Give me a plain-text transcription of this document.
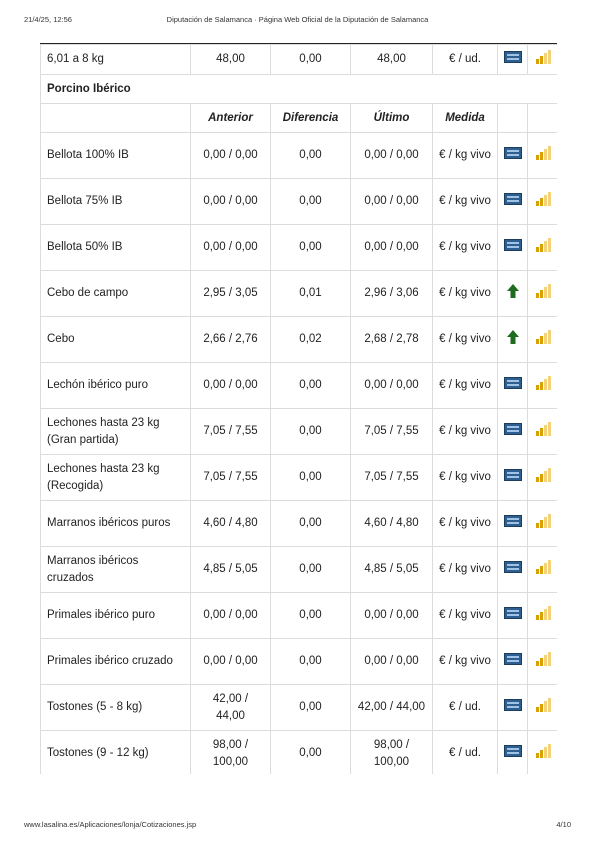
21/4/25, 12:56	Diputación de Salamanca · Página Web Oficial de la Diputación de Salamanca
6,01 a 8 kg	48,00	0,00	48,00	€ / ud.	

Porcino Ibérico						
	Anterior	Diferencia	Último	Medida		
Bellota 100% IB	0,00 / 0,00	0,00	0,00 / 0,00	€ / kg vivo	

Bellota 75% IB	0,00 / 0,00	0,00	0,00 / 0,00	€ / kg vivo	

Bellota 50% IB	0,00 / 0,00	0,00	0,00 / 0,00	€ / kg vivo	

Cebo de campo	2,95 / 3,05	0,01	2,96 / 3,06	€ / kg vivo	

Cebo	2,66 / 2,76	0,02	2,68 / 2,78	€ / kg vivo	

Lechón ibérico puro	0,00 / 0,00	0,00	0,00 / 0,00	€ / kg vivo	

Lechones hasta 23 kg (Gran partida)	7,05 / 7,55	0,00	7,05 / 7,55	€ / kg vivo	

Lechones hasta 23 kg (Recogida)	7,05 / 7,55	0,00	7,05 / 7,55	€ / kg vivo	

Marranos ibéricos puros	4,60 / 4,80	0,00	4,60 / 4,80	€ / kg vivo	

Marranos ibéricos cruzados	4,85 / 5,05	0,00	4,85 / 5,05	€ / kg vivo	

Primales ibérico puro	0,00 / 0,00	0,00	0,00 / 0,00	€ / kg vivo	

Primales ibérico cruzado	0,00 / 0,00	0,00	0,00 / 0,00	€ / kg vivo	

Tostones (5 - 8 kg)	42,00 / 44,00	0,00	42,00 / 44,00	€ / ud.	

Tostones (9 - 12 kg)	98,00 / 100,00	0,00	98,00 / 100,00	€ / ud.	

www.lasalina.es/Aplicaciones/lonja/Cotizaciones.jsp	4/10
